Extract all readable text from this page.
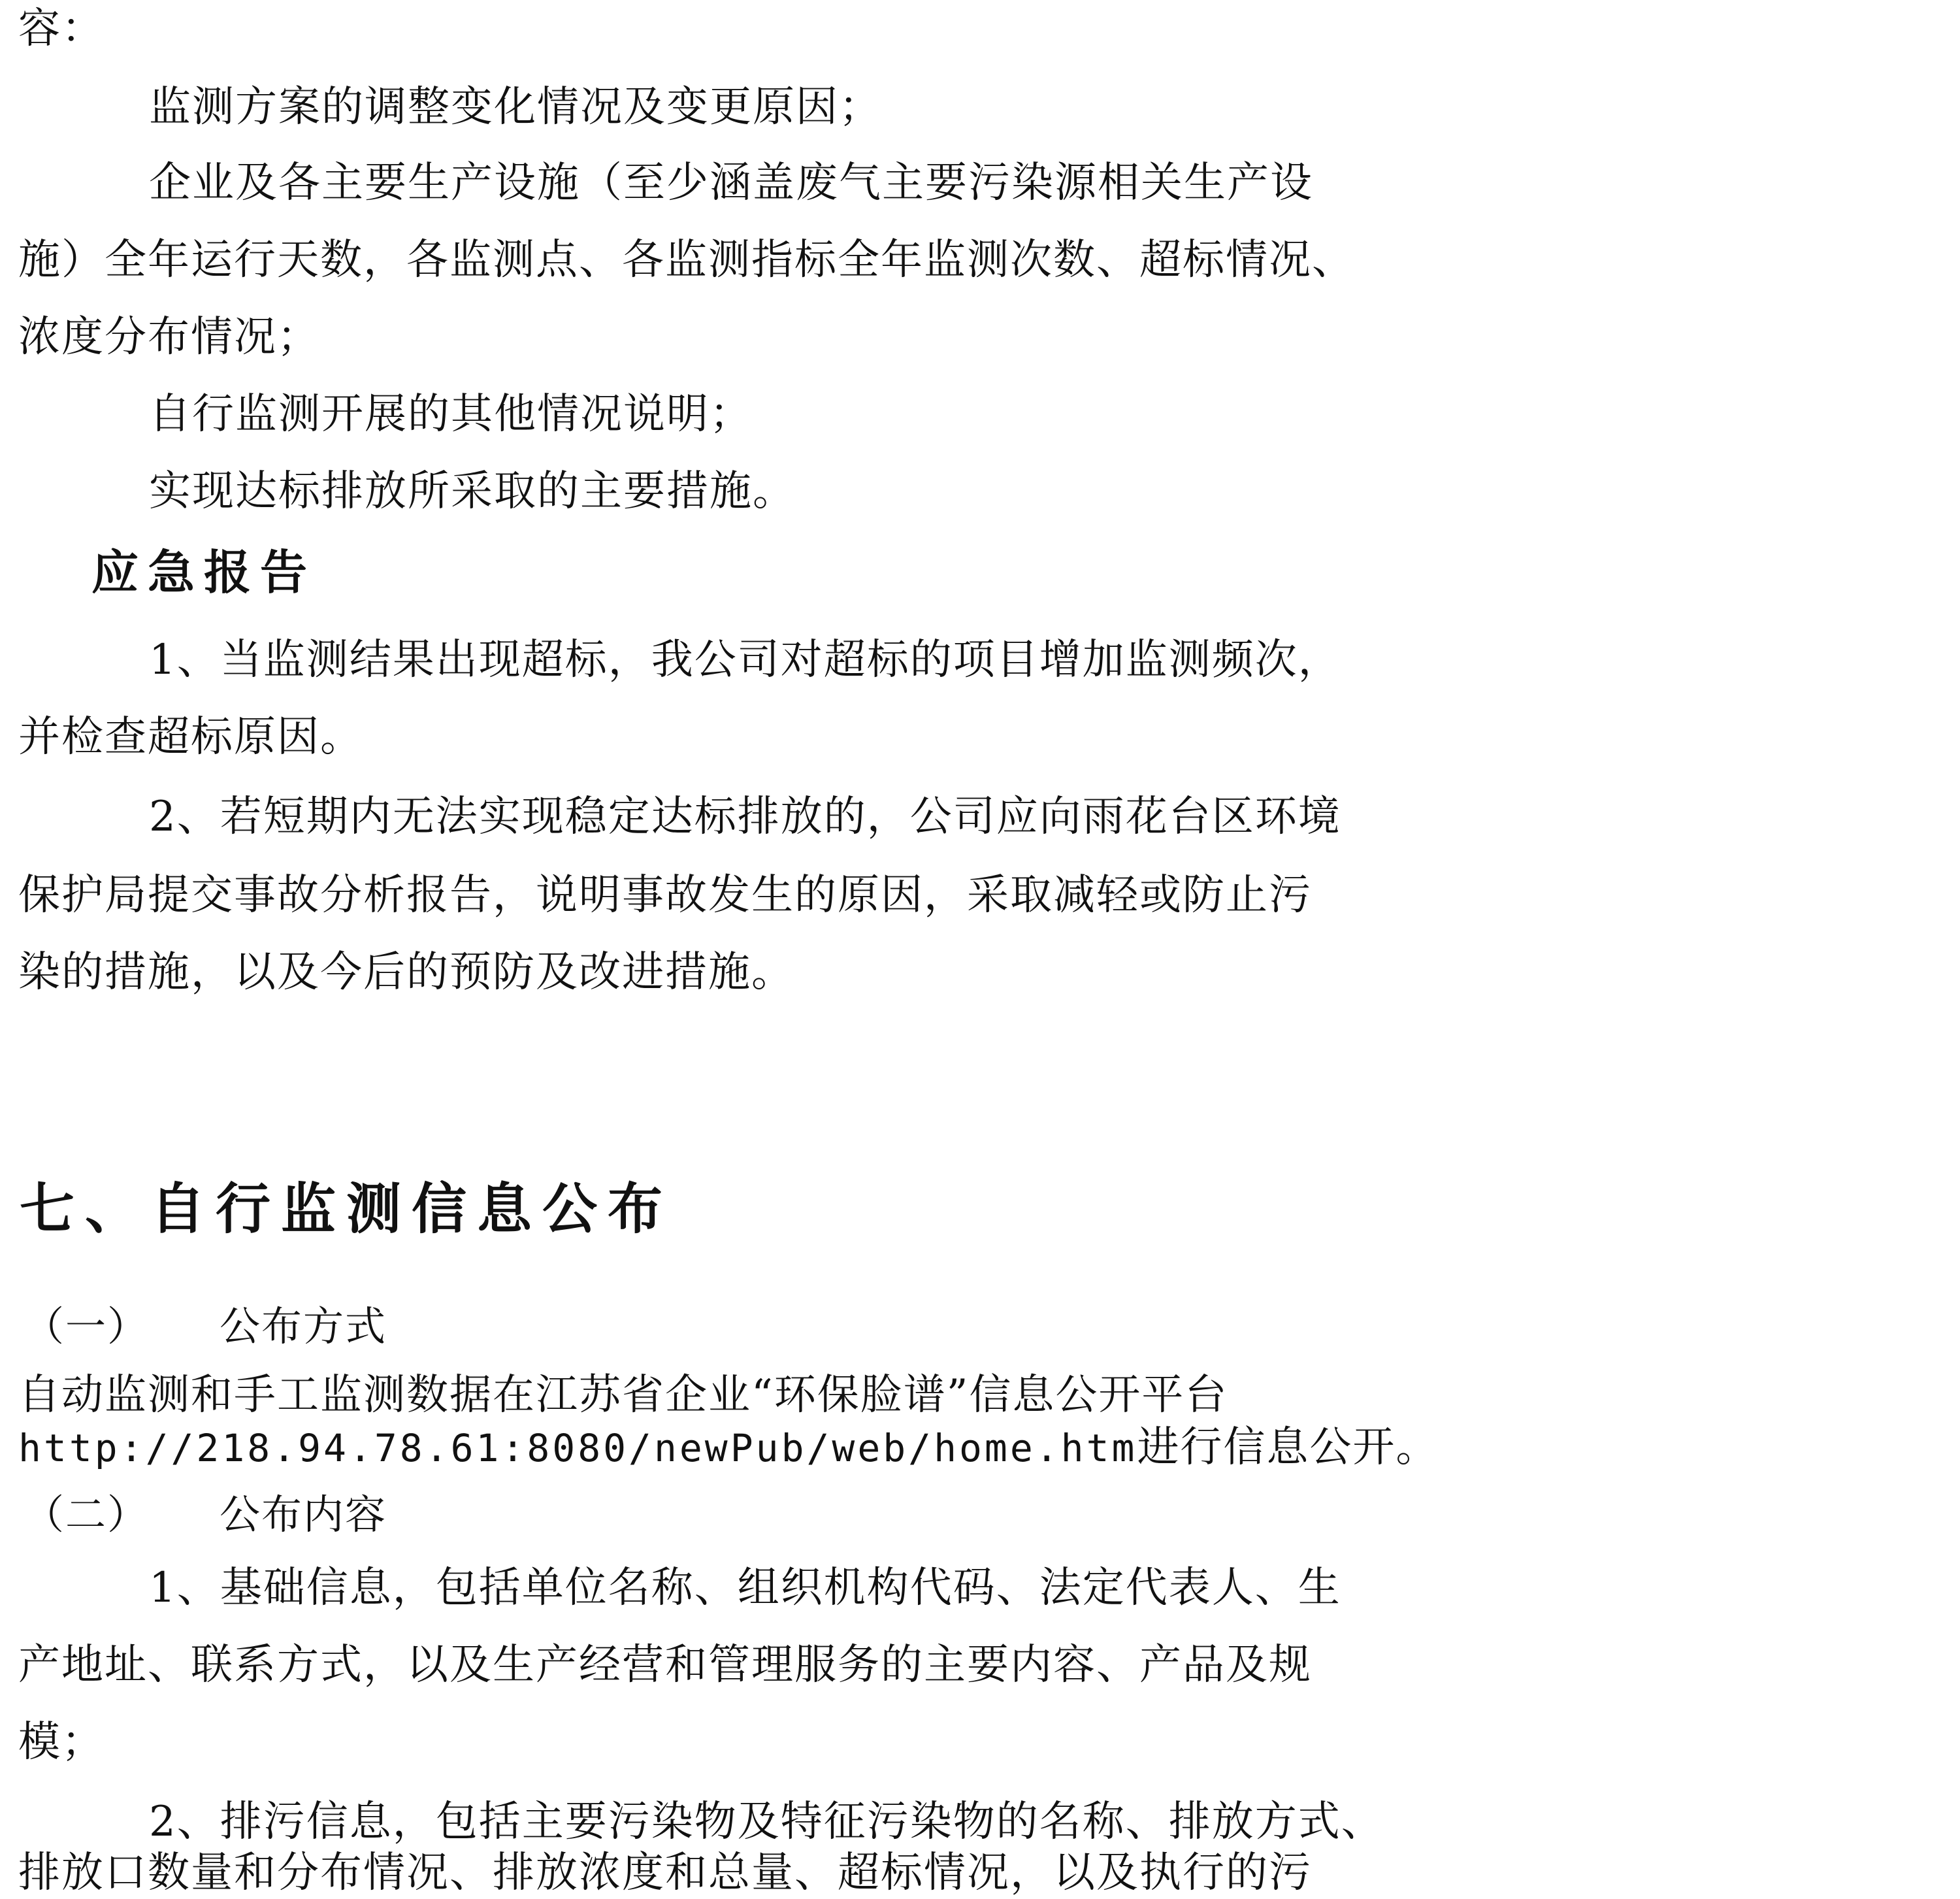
容：
监测方案的调整变化情况及变更原因；
企业及各主要生产设施（至少涵盖废气主要污染源相关生产设
施）全年运行天数，各监测点、各监测指标全年监测次数、超标情况、
浓度分布情况；
自行监测开展的其他情况说明；
实现达标排放所采取的主要措施。
应急报告
1、当监测结果出现超标，我公司对超标的项目增加监测频次，
并检查超标原因。
2、若短期内无法实现稳定达标排放的，公司应向雨花台区环境
保护局提交事故分析报告，说明事故发生的原因，采取减轻或防止污
染的措施，以及今后的预防及改进措施。
七、自行监测信息公布
（一） 公布方式
自动监测和手工监测数据在江苏省企业“环保脸谱”信息公开平台
http://218.94.78.61:8080/newPub/web/home.htm进行信息公开。
（二） 公布内容
1、基础信息，包括单位名称、组织机构代码、法定代表人、生
产地址、联系方式，以及生产经营和管理服务的主要内容、产品及规
模；
2、排污信息，包括主要污染物及特征污染物的名称、排放方式、
排放口数量和分布情况、排放浓度和总量、超标情况，以及执行的污
